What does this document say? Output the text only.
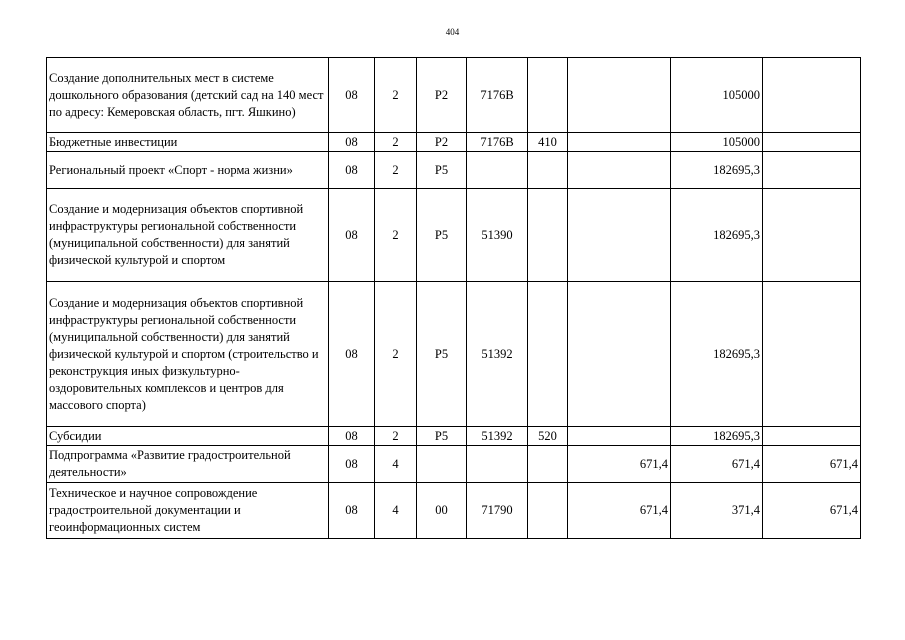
404
Создание дополнительных мест в системе дошкольного образования (детский сад на 140 мест по адресу: Кемеровская область, пгт. Яшкино)	08	2	P2	7176B			105000	
Бюджетные инвестиции	08	2	P2	7176B	410		105000	
Региональный проект «Спорт - норма жизни»	08	2	P5				182695,3	
Создание и модернизация объектов спортивной инфраструктуры региональной собственности (муниципальной собственности) для занятий физической культурой и спортом	08	2	P5	51390			182695,3	
Создание и модернизация объектов спортивной инфраструктуры региональной собственности (муниципальной собственности) для занятий физической культурой и спортом (строительство и реконструкция иных физкультурно-оздоровительных комплексов и центров для массового спорта)	08	2	P5	51392			182695,3	
Субсидии	08	2	P5	51392	520		182695,3	
Подпрограмма «Развитие градостроительной деятельности»	08	4				671,4	671,4	671,4
Техническое и научное сопровождение градостроительной документации и геоинформационных систем	08	4	00	71790		671,4	371,4	671,4
